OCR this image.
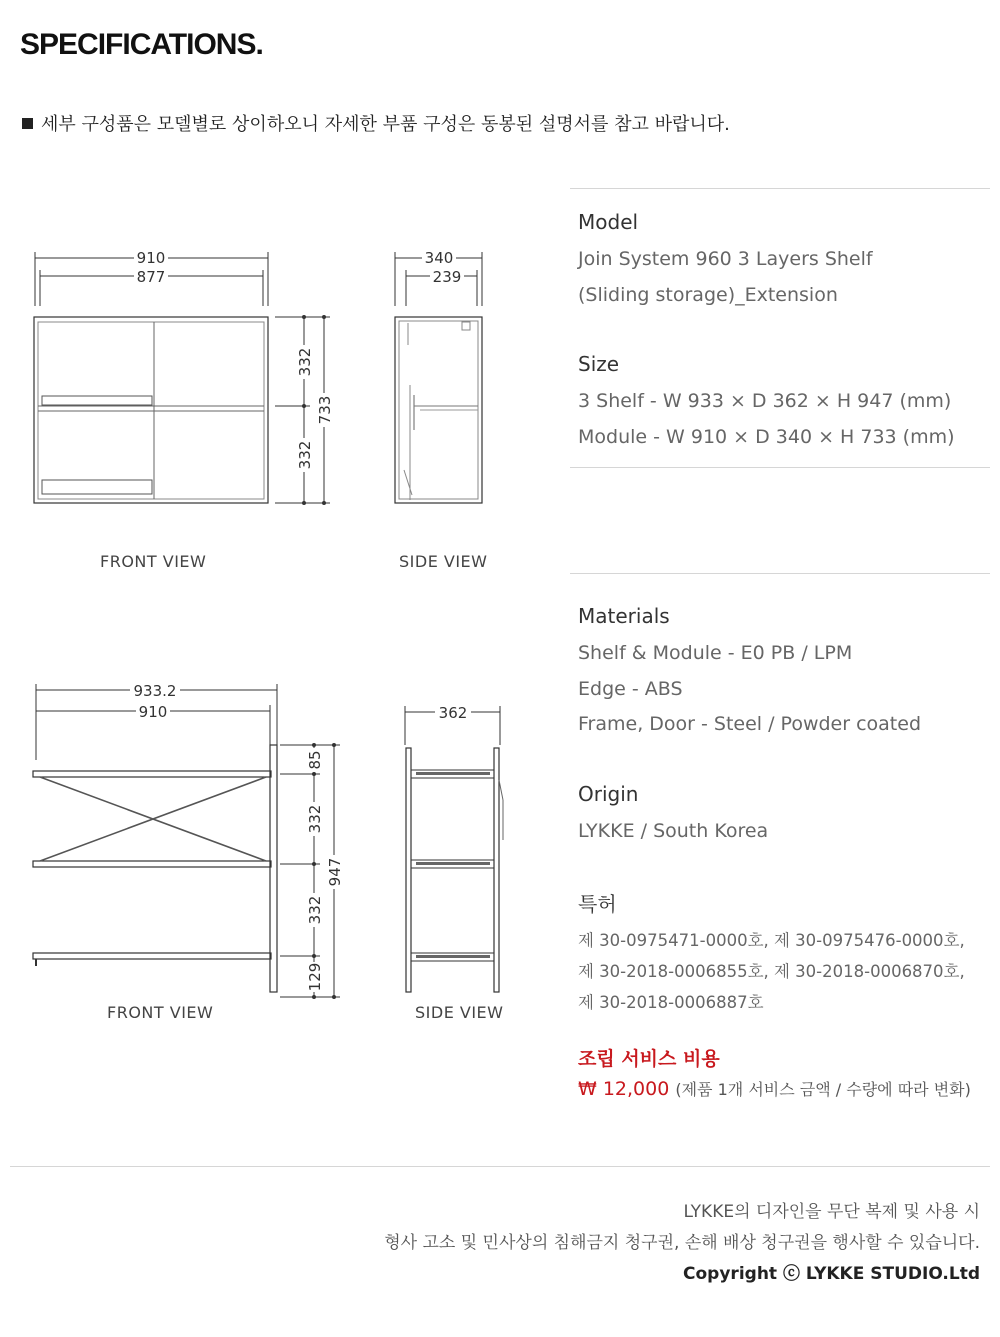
SPECIFICATIONS.
세부 구성품은 모델별로 상이하오니 자세한 부품 구성은 동봉된 설명서를 참고 바랍니다.
910
877
332
332
733
340
239
933.2
910
85
332
332
129
947
362
FRONT VIEW	SIDE VIEW
FRONT VIEW	SIDE VIEW
Model
Join System 960 3 Layers Shelf
(Sliding storage)_Extension
Size
3 Shelf - W 933 × D 362 × H 947 (mm)
Module - W 910 × D 340 × H 733 (mm)
Materials
Shelf & Module - E0 PB / LPM
Edge - ABS
Frame, Door - Steel / Powder coated
Origin
LYKKE / South Korea
특허
제 30-0975471-0000호, 제 30-0975476-0000호,
제 30-2018-0006855호, 제 30-2018-0006870호,
제 30-2018-0006887호
조립 서비스 비용
₩ 12,000 (제품 1개 서비스 금액 / 수량에 따라 변화)
LYKKE의 디자인을 무단 복제 및 사용 시
형사 고소 및 민사상의 침해금지 청구권, 손해 배상 청구권을 행사할 수 있습니다.
Copyright ⓒ LYKKE STUDIO.Ltd
